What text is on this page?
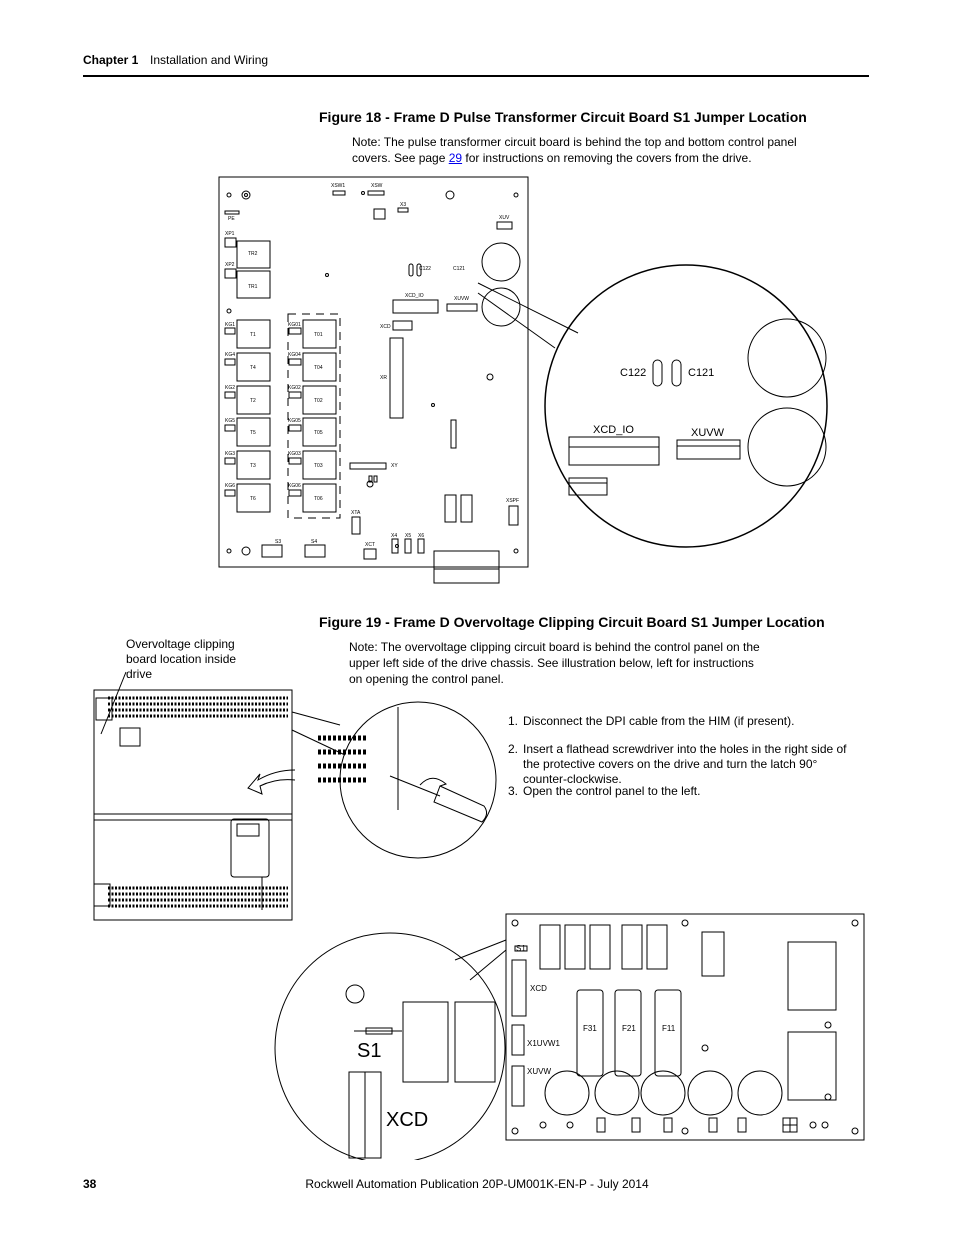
Chapter 1 Installation and Wiring
Figure 18 - Frame D Pulse Transformer Circuit Board S1 Jumper Location
Note: The pulse transformer circuit board is behind the top and bottom control panel covers. See page 29 for instructions on removing the covers from the drive.
XSW1	XSW
X3
PE	XUV
XP1
XP2
TR2
TR1
C122	C121
XCD_IO	XUVW
XCD
XR
XY
XTA
XCT
X4 X5 X6
XSPF
S3	S4
KG1
KG4
KG2
KG5
KG3
KG6
KG01
KG04
KG02
KG05
KG03
KG06
T1
T4
T2
T5
T3
T6
T01
T04
T02
T05
T03
T06
C122	C121
XCD_IO	XUVW
Figure 19 - Frame D Overvoltage Clipping Circuit Board S1 Jumper Location
Note: The overvoltage clipping circuit board is behind the control panel on the upper left side of the drive chassis. See illustration below, left for instructions on opening the control panel.
Overvoltage clipping board location inside drive
1. Disconnect the DPI cable from the HIM (if present).
2. Insert a flathead screwdriver into the holes in the right side of the protective covers on the drive and turn the latch 90° counter-clockwise.
3. Open the control panel to the left.
S1
XCD
X1UVW1
XUVW
F31	F21	F11
S1
XCD
38	Rockwell Automation Publication 20P-UM001K-EN-P - July 2014
